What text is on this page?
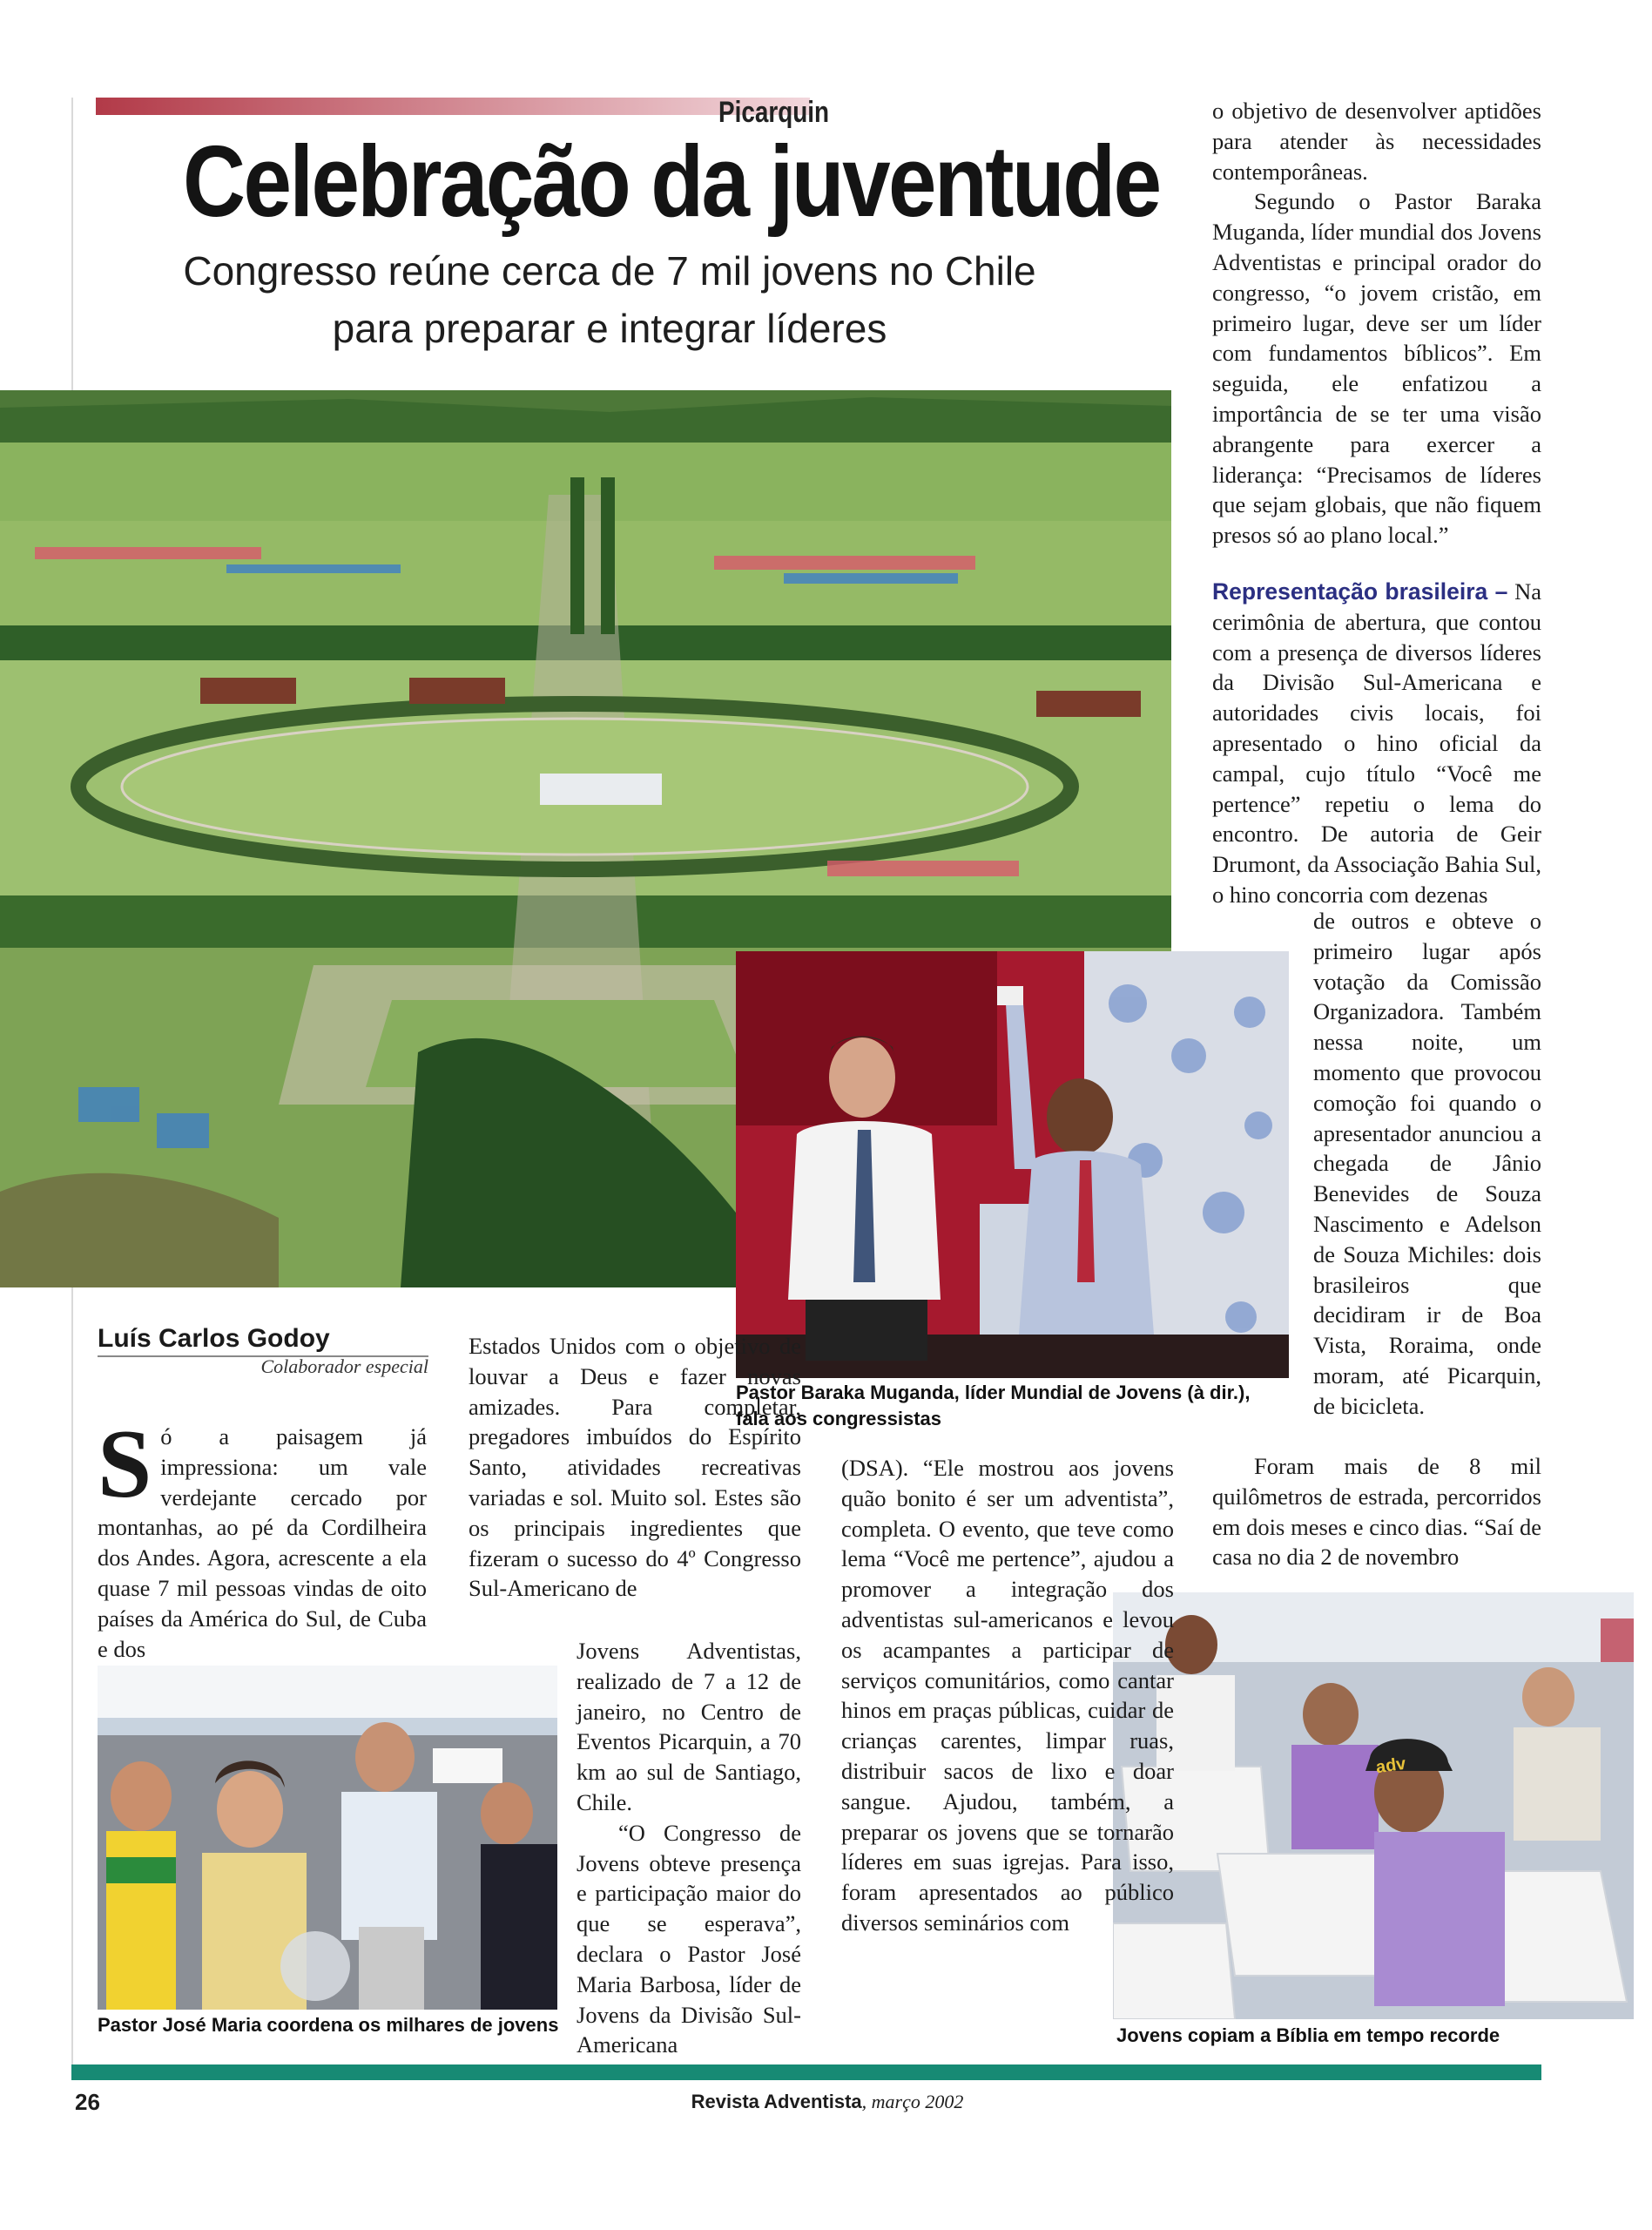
Picarquin
Celebração da juventude
Congresso reúne cerca de 7 mil jovens no Chile
para preparar e integrar líderes
Pastor Baraka Muganda, líder Mundial de Jovens (à dir.),
fala aos congressistas
Pastor José Maria coordena os milhares de jovens
adv
Jovens copiam a Bíblia em tempo recorde
Luís Carlos Godoy
Colaborador especial

Só a paisagem já impressiona: um vale verdejante cercado por montanhas, ao pé da Cordilheira dos Andes. Agora, acrescente a ela quase 7 mil pessoas vindas de oito países da América do Sul, de Cuba e dos

Estados Unidos com o objetivo de louvar a Deus e fazer novas amizades. Para completar, pregadores imbuídos do Espírito Santo, atividades recreativas variadas e sol. Muito sol. Estes são os principais ingredientes que fizeram o sucesso do 4º Congresso Sul-Americano de

Jovens Adventistas, realizado de 7 a 12 de janeiro, no Centro de Eventos Picarquin, a 70 km ao sul de Santiago, Chile.

“O Congresso de Jovens obteve presença e participação maior do que se esperava”, declara o Pastor José Maria Barbosa, líder de Jovens da Divisão Sul-Americana

(DSA). “Ele mostrou aos jovens quão bonito é ser um adventista”, completa. O evento, que teve como lema “Você me pertence”, ajudou a promover a integração dos adventistas sul-americanos e levou os acampantes a participar de serviços comunitários, como cantar hinos em praças públicas, cuidar de crianças carentes, limpar ruas, distribuir sacos de lixo e doar sangue. Ajudou, também, a preparar os jovens que se tornarão líderes em suas igrejas. Para isso, foram apresentados ao público diversos seminários com

o objetivo de desenvolver aptidões para atender às necessidades contemporâneas.

Segundo o Pastor Baraka Muganda, líder mundial dos Jovens Adventistas e principal orador do congresso, “o jovem cristão, em primeiro lugar, deve ser um líder com fundamentos bíblicos”. Em seguida, ele enfatizou a importância de se ter uma visão abrangente para exercer a liderança: “Precisamos de líderes que sejam globais, que não fiquem presos só ao plano local.”

Representação brasileira – Na cerimônia de abertura, que contou com a presença de diversos líderes da Divisão Sul-Americana e autoridades civis locais, foi apresentado o hino oficial da campal, cujo título “Você me pertence” repetiu o lema do encontro. De autoria de Geir Drumont, da Associação Bahia Sul, o hino concorria com dezenas

de outros e obteve o primeiro lugar após votação da Comissão Organizadora. Também nessa noite, um momento que provocou comoção foi quando o apresentador anunciou a chegada de Jânio Benevides de Souza Nascimento e Adelson de Souza Michiles: dois brasileiros que decidiram ir de Boa Vista, Roraima, onde moram, até Picarquin, de bicicleta.

Foram mais de 8 mil quilômetros de estrada, percorridos em dois meses e cinco dias. “Saí de casa no dia 2 de novembro

26	Revista Adventista, março 2002
